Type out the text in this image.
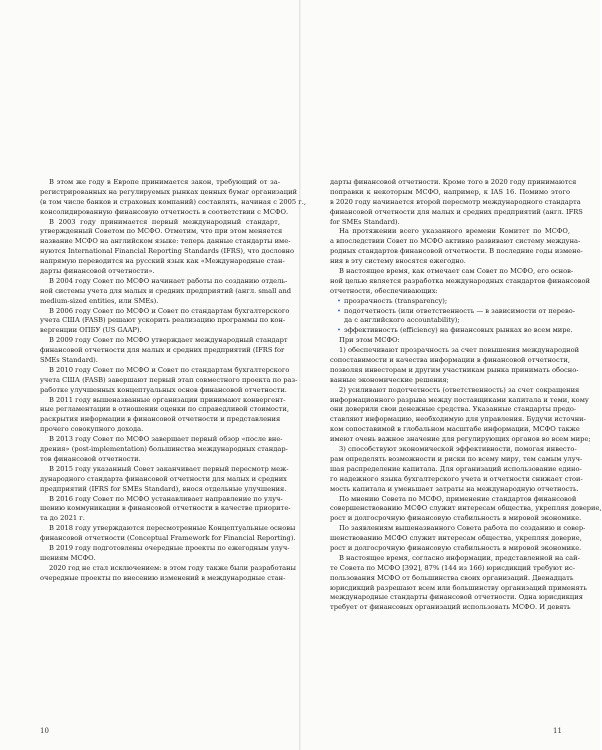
В этом же году в Европе принимается закон, требующий от за-
регистрированных на регулируемых рынках ценных бумаг организаций
(в том числе банков и страховых компаний) составлять, начиная с 2005 г.,
консолидированную финансовую отчетность в соответствии с МСФО.
В 2003 году принимается первый международный стандарт,
утвержденный Советом по МСФО. Отметим, что при этом меняется
название МСФО на английском языке: теперь данные стандарты име-
нуются International Financial Reporting Standards (IFRS), что дословно
напрямую переводится на русский язык как «Международные стан-
дарты финансовой отчетности».
В 2004 году Совет по МСФО начинает работы по созданию отдель-
ной системы учета для малых и средних предприятий (англ. small and
medium-sized entities, или SMEs).
В 2006 году Совет по МСФО и Совет по стандартам бухгалтерского
учета США (FASB) решают ускорить реализацию программы по кон-
вергенции ОПБУ (US GAAP).
В 2009 году Совет по МСФО утверждает международный стандарт
финансовой отчетности для малых и средних предприятий (IFRS for
SMEs Standard).
В 2010 году Совет по МСФО и Совет по стандартам бухгалтерского
учета США (FASB) завершают первый этап совместного проекта по раз-
работке улучшенных концептуальных основ финансовой отчетности.
В 2011 году вышеназванные организации принимают конвергент-
ные регламентации в отношении оценки по справедливой стоимости,
раскрытия информации в финансовой отчетности и представления
прочего совокупного дохода.
В 2013 году Совет по МСФО завершает первый обзор «после вне-
дрения» (post-implementation) большинства международных стандар-
тов финансовой отчетности.
В 2015 году указанный Совет заканчивает первый пересмотр меж-
дународного стандарта финансовой отчетности для малых и средних
предприятий (IFRS for SMEs Standard), внося отдельные улучшения.
В 2016 году Совет по МСФО устанавливает направление по улуч-
шению коммуникации в финансовой отчетности в качестве приорите-
та до 2021 г.
В 2018 году утверждаются пересмотренные Концептуальные основы
финансовой отчетности (Conceptual Framework for Financial Reporting).
В 2019 году подготовлены очередные проекты по ежегодным улуч-
шениям МСФО.
2020 год не стал исключением: в этом году также были разработаны
очередные проекты по внесению изменений в международные стан-
дарты финансовой отчетности. Кроме того в 2020 году принимаются
поправки к некоторым МСФО, например, к IAS 16. Помимо этого
в 2020 году начинается второй пересмотр международного стандарта
финансовой отчетности для малых и средних предприятий (англ. IFRS
for SMEs Standard).
На протяжении всего указанного времени Комитет по МСФО,
а впоследствии Совет по МСФО активно развивают систему междуна-
родных стандартов финансовой отчетности. В последние годы измене-
ния в эту систему вносятся ежегодно.
В настоящее время, как отмечает сам Совет по МСФО, его основ-
ной целью является разработка международных стандартов финансовой
отчетности, обеспечивающих:
• прозрачность (transparency);
• подотчетность (или ответственность — в зависимости от перево-
да с английского accountability);
• эффективность (efficiency) на финансовых рынках во всем мире.
При этом МСФО:
1) обеспечивают прозрачность за счет повышения международной
сопоставимости и качества информации в финансовой отчетности,
позволяя инвесторам и другим участникам рынка принимать обосно-
ванные экономические решения;
2) усиливают подотчетность (ответственность) за счет сокращения
информационного разрыва между поставщиками капитала и теми, кому
они доверили свои денежные средства. Указанные стандарты предо-
ставляют информацию, необходимую для управления. Будучи источни-
ком сопоставимой в глобальном масштабе информации, МСФО также
имеют очень важное значение для регулирующих органов во всем мире;
3) способствуют экономической эффективности, помогая инвесто-
рам определять возможности и риски по всему миру, тем самым улуч-
шая распределение капитала. Для организаций использование едино-
го надежного языка бухгалтерского учета и отчетности снижает стои-
мость капитала и уменьшает затраты на международную отчетность.
По мнению Совета по МСФО, применение стандартов финансовой
совершенствованию МСФО служит интересам общества, укрепляя доверие,
рост и долгосрочную финансовую стабильность в мировой экономике.
По заявлениям вышеназванного Совета работа по созданию и совер-
шенствованию МСФО служит интересам общества, укрепляя доверие,
рост и долгосрочную финансовую стабильность в мировой экономике.
В настоящее время, согласно информации, представленной на сай-
те Совета по МСФО [392], 87% (144 из 166) юрисдикций требуют ис-
пользования МСФО от большинства своих организаций. Двенадцать
юрисдикций разрешают всем или большинству организаций применять
международные стандарты финансовой отчетности. Одна юрисдикция
требует от финансовых организаций использовать МСФО. И девять
10	11
